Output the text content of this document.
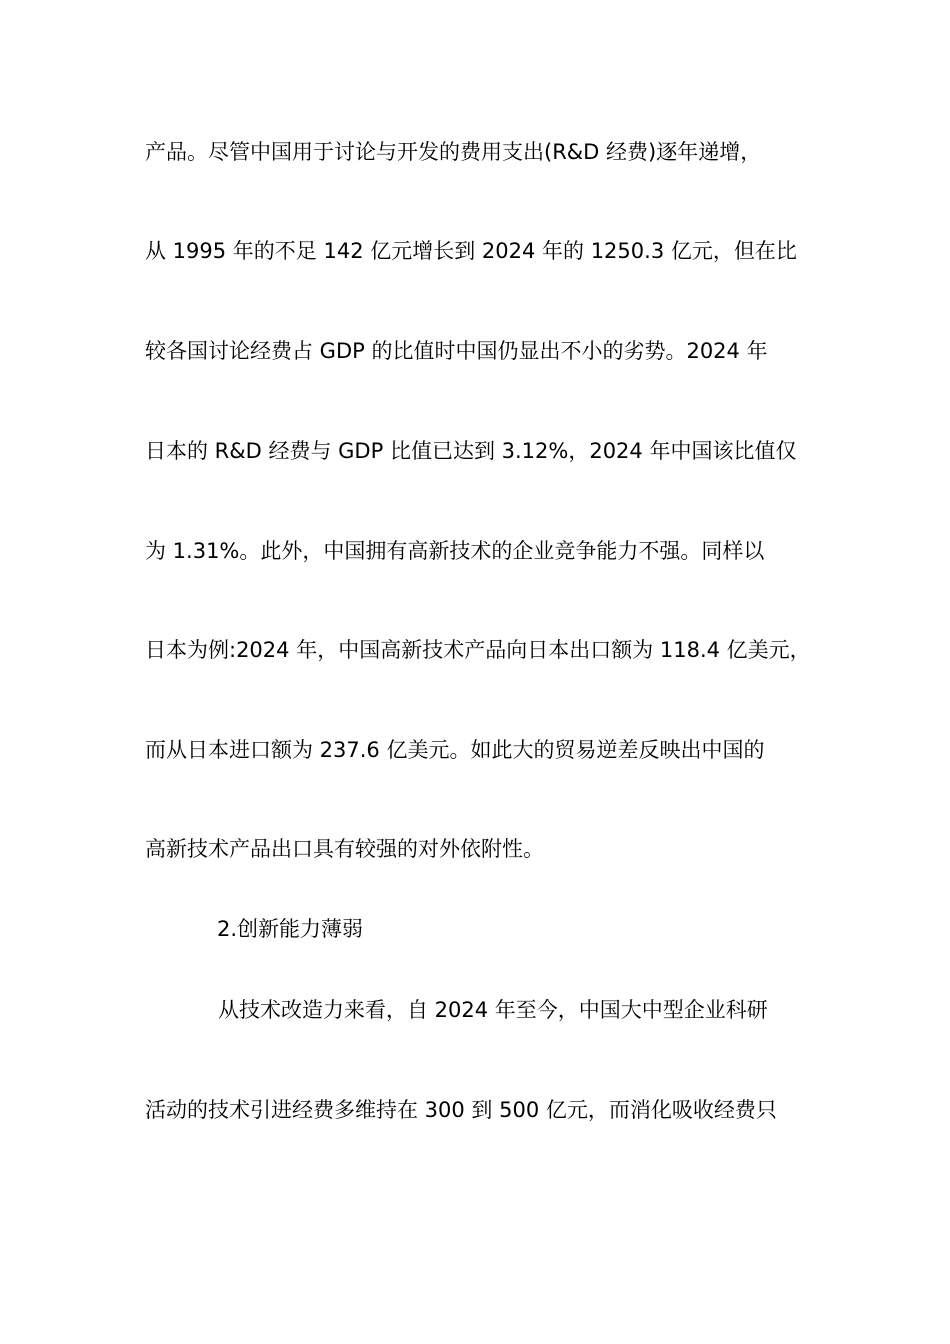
产品。尽管中国用于讨论与开发的费用支出(R&D 经费)逐年递增，
从 1995 年的不足 142 亿元增长到 2024 年的 1250.3 亿元，但在比
较各国讨论经费占 GDP 的比值时中国仍显出不小的劣势。2024 年
日本的 R&D 经费与 GDP 比值已达到 3.12%，2024 年中国该比值仅
为 1.31%。此外，中国拥有高新技术的企业竞争能力不强。同样以
日本为例:2024 年，中国高新技术产品向日本出口额为 118.4 亿美元，
而从日本进口额为 237.6 亿美元。如此大的贸易逆差反映出中国的
高新技术产品出口具有较强的对外依附性。
2.创新能力薄弱
从技术改造力来看，自 2024 年至今，中国大中型企业科研
活动的技术引进经费多维持在 300 到 500 亿元，而消化吸收经费只
